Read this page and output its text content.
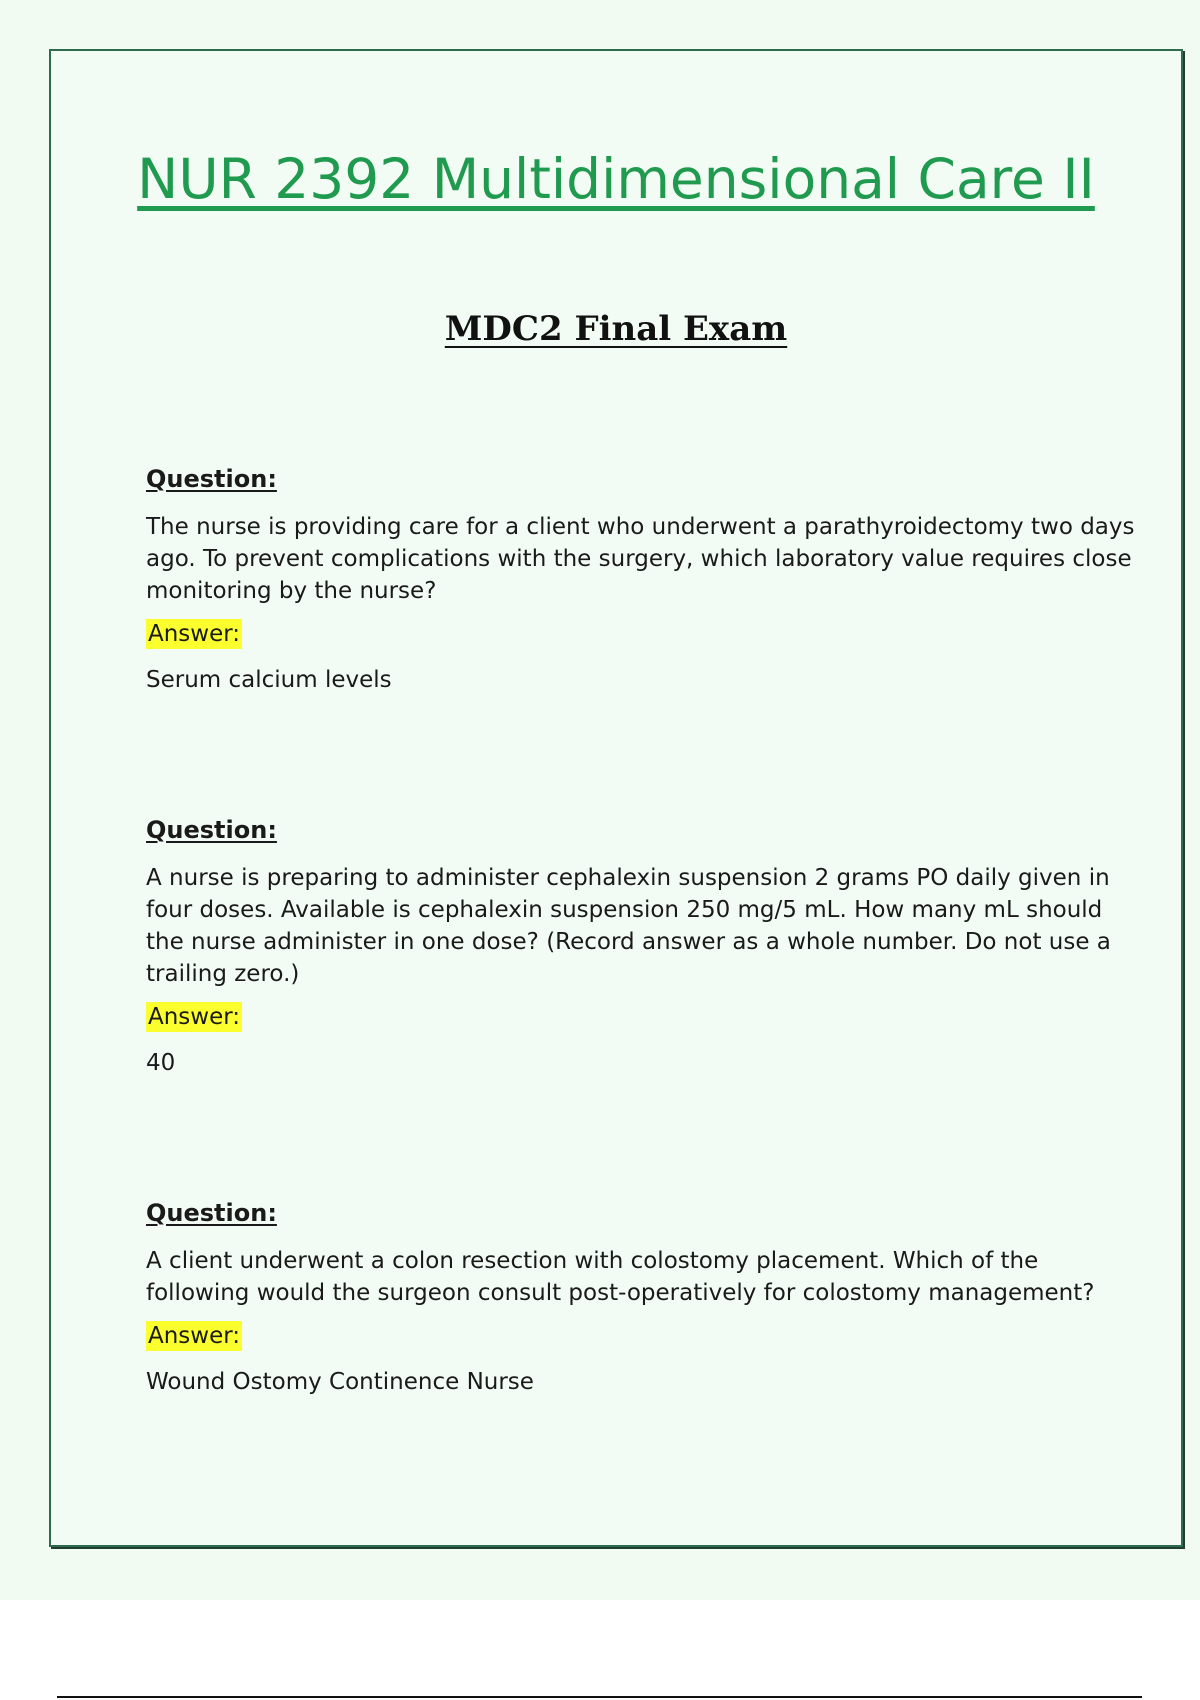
NUR 2392 Multidimensional Care II
MDC2 Final Exam

Question:

The nurse is providing care for a client who underwent a parathyroidectomy two days ago. To prevent complications with the surgery, which laboratory value requires close monitoring by the nurse?

Answer:

Serum calcium levels

Question:

A nurse is preparing to administer cephalexin suspension 2 grams PO daily given in four doses. Available is cephalexin suspension 250 mg/5 mL. How many mL should the nurse administer in one dose? (Record answer as a whole number. Do not use a trailing zero.)

Answer:

40

Question:

A client underwent a colon resection with colostomy placement. Which of the following would the surgeon consult post-operatively for colostomy management?

Answer:

Wound Ostomy Continence Nurse
